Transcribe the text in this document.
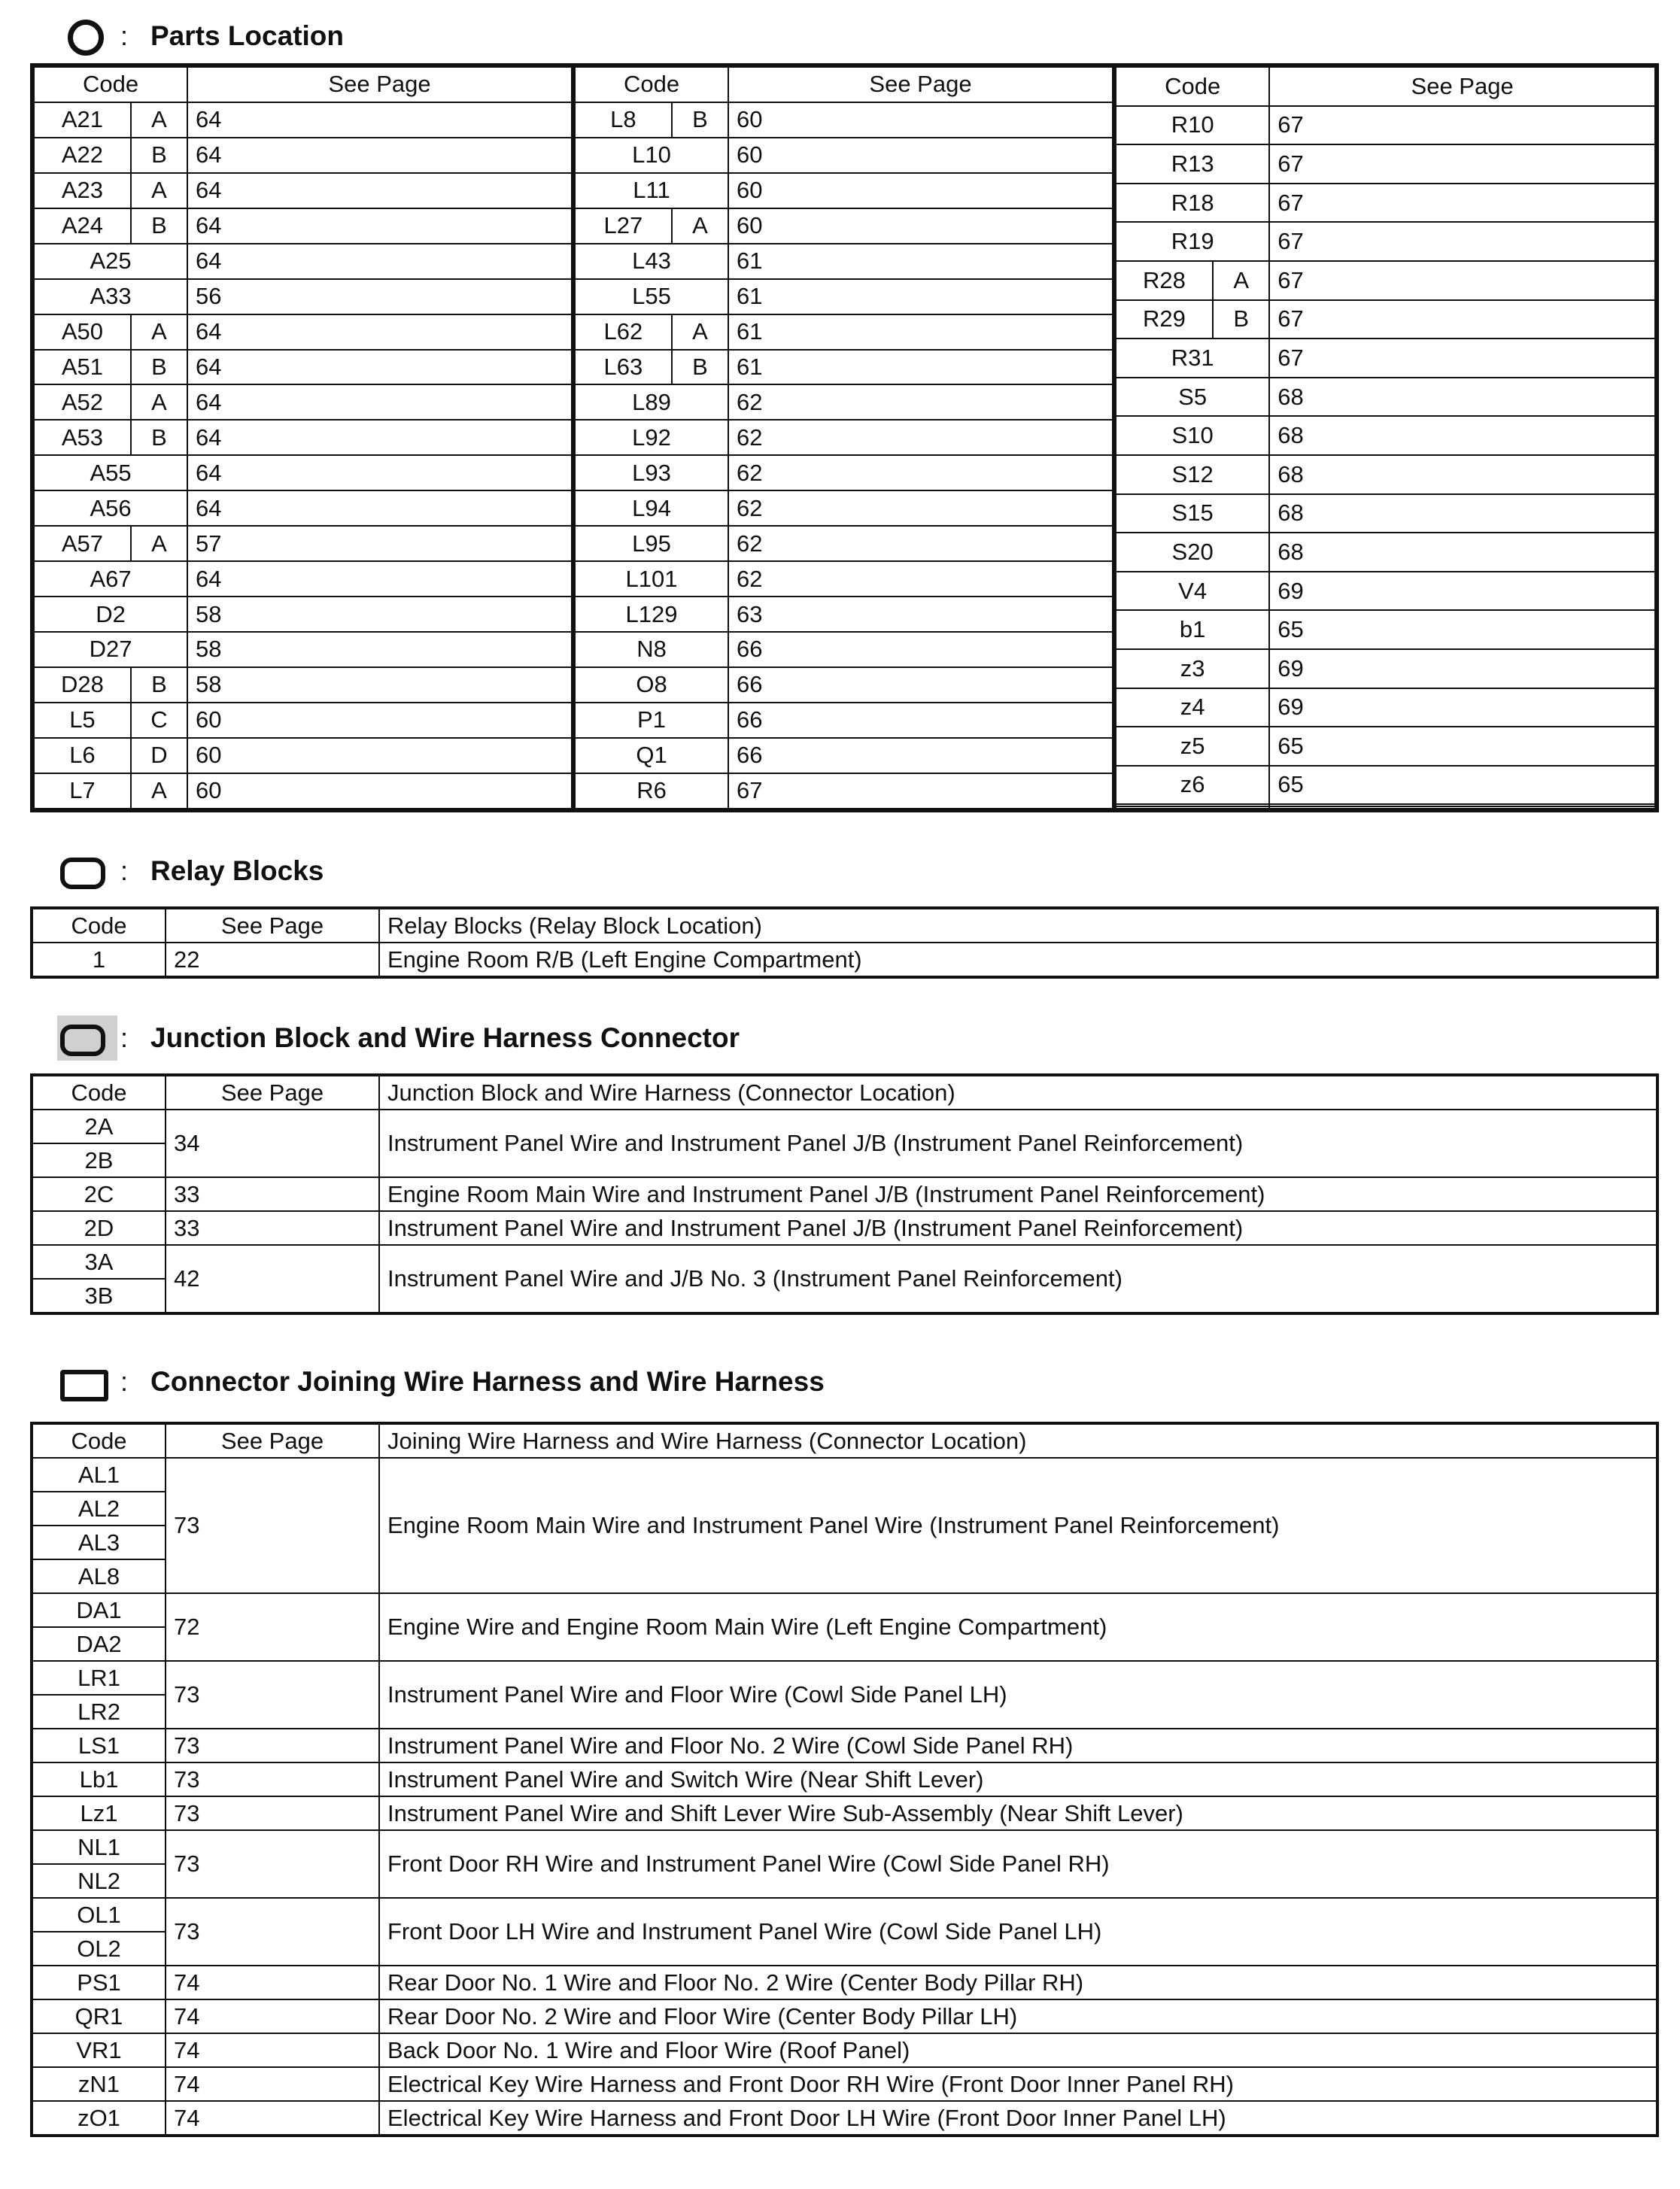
: Parts Location
Code		See Page
A21	A	64
A22	B	64
A23	A	64
A24	B	64
A25		64
A33		56
A50	A	64
A51	B	64
A52	A	64
A53	B	64
A55		64
A56		64
A57	A	57
A67		64
D2		58
D27		58
D28	B	58
L5	C	60
L6	D	60
L7	A	60
Code		See Page
L8	B	60
L10		60
L11		60
L27	A	60
L43		61
L55		61
L62	A	61
L63	B	61
L89		62
L92		62
L93		62
L94		62
L95		62
L101		62
L129		63
N8		66
O8		66
P1		66
Q1		66
R6		67
Code		See Page
R10		67
R13		67
R18		67
R19		67
R28	A	67
R29	B	67
R31		67
S5		68
S10		68
S12		68
S15		68
S20		68
V4		69
b1		65
z3		69
z4		69
z5		65
z6		65

: Relay Blocks
Code	See Page	Relay Blocks (Relay Block Location)
1	22	Engine Room R/B (Left Engine Compartment)
: Junction Block and Wire Harness Connector
Code	See Page	Junction Block and Wire Harness (Connector Location)
2A	34	Instrument Panel Wire and Instrument Panel J/B (Instrument Panel Reinforcement)
2B		
2C	33	Engine Room Main Wire and Instrument Panel J/B (Instrument Panel Reinforcement)
2D	33	Instrument Panel Wire and Instrument Panel J/B (Instrument Panel Reinforcement)
3A	42	Instrument Panel Wire and J/B No. 3 (Instrument Panel Reinforcement)
3B		
: Connector Joining Wire Harness and Wire Harness
Code	See Page	Joining Wire Harness and Wire Harness (Connector Location)
AL1	73	Engine Room Main Wire and Instrument Panel Wire (Instrument Panel Reinforcement)
AL2		
AL3		
AL8		
DA1	72	Engine Wire and Engine Room Main Wire (Left Engine Compartment)
DA2		
LR1	73	Instrument Panel Wire and Floor Wire (Cowl Side Panel LH)
LR2		
LS1	73	Instrument Panel Wire and Floor No. 2 Wire (Cowl Side Panel RH)
Lb1	73	Instrument Panel Wire and Switch Wire (Near Shift Lever)
Lz1	73	Instrument Panel Wire and Shift Lever Wire Sub-Assembly (Near Shift Lever)
NL1	73	Front Door RH Wire and Instrument Panel Wire (Cowl Side Panel RH)
NL2		
OL1	73	Front Door LH Wire and Instrument Panel Wire (Cowl Side Panel LH)
OL2		
PS1	74	Rear Door No. 1 Wire and Floor No. 2 Wire (Center Body Pillar RH)
QR1	74	Rear Door No. 2 Wire and Floor Wire (Center Body Pillar LH)
VR1	74	Back Door No. 1 Wire and Floor Wire (Roof Panel)
zN1	74	Electrical Key Wire Harness and Front Door RH Wire (Front Door Inner Panel RH)
zO1	74	Electrical Key Wire Harness and Front Door LH Wire (Front Door Inner Panel LH)
